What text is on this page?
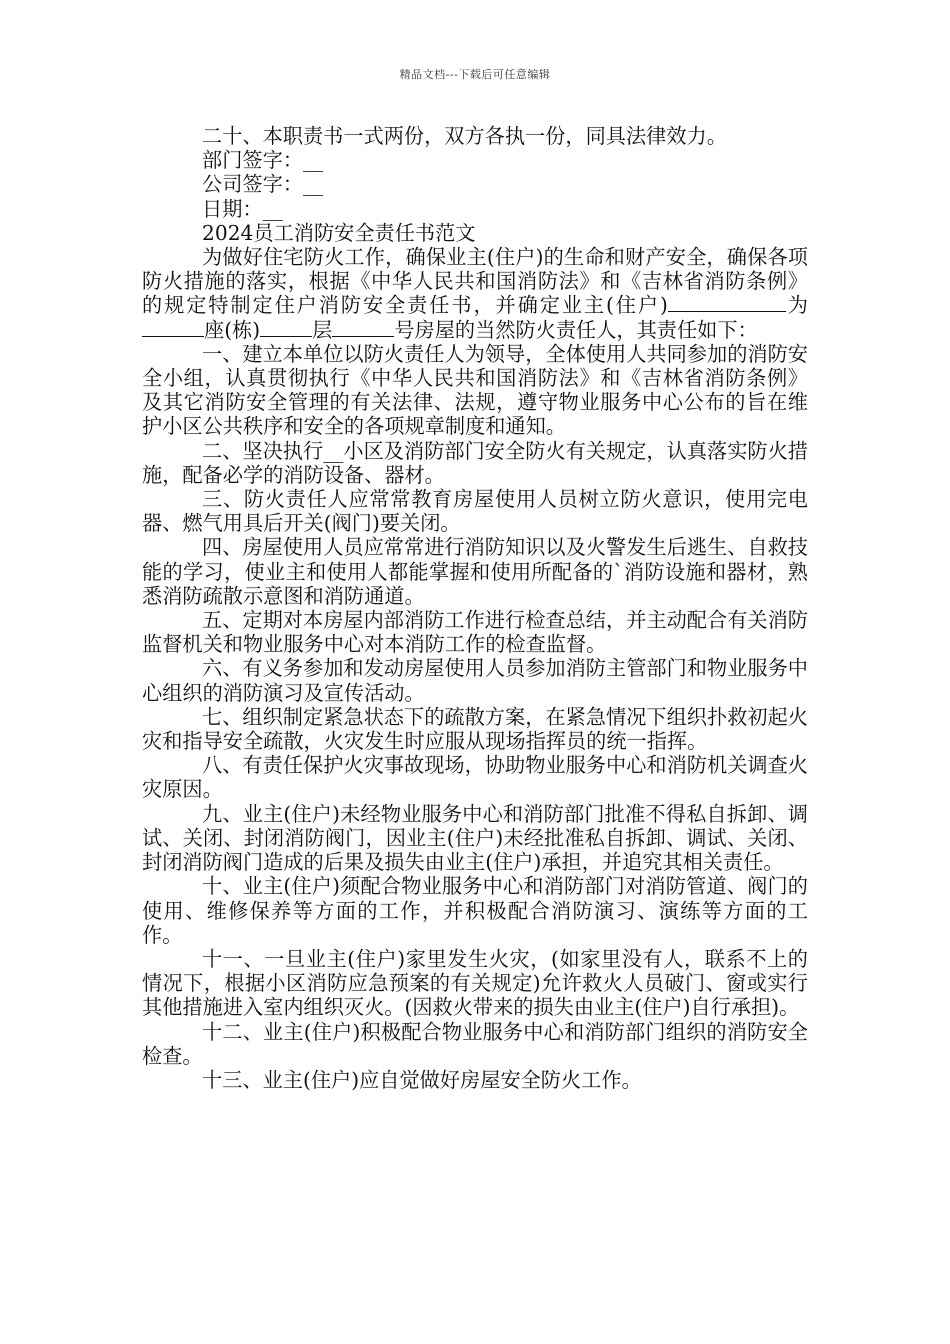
精品文档---下载后可任意编辑

二十、本职责书一式两份，双方各执一份，同具法律效力。

部门签字：__

公司签字：__

日期：__

2024员工消防安全责任书范文

为做好住宅防火工作，确保业主(住户)的生命和财产安全，确保各项防火措施的落实，根据《中华人民共和国消防法》和《吉林省消防条例》的规定特制定住户消防安全责任书，并确定业主(住户)	为座(栋)	层	号房屋的当然防火责任人，其责任如下：

一、建立本单位以防火责任人为领导，全体使用人共同参加的消防安全小组，认真贯彻执行《中华人民共和国消防法》和《吉林省消防条例》及其它消防安全管理的有关法律、法规，遵守物业服务中心公布的旨在维护小区公共秩序和安全的各项规章制度和通知。

二、坚决执行__小区及消防部门安全防火有关规定，认真落实防火措施，配备必学的消防设备、器材。

三、防火责任人应常常教育房屋使用人员树立防火意识，使用完电器、燃气用具后开关(阀门)要关闭。

四、房屋使用人员应常常进行消防知识以及火警发生后逃生、自救技能的学习，使业主和使用人都能掌握和使用所配备的`消防设施和器材，熟悉消防疏散示意图和消防通道。

五、定期对本房屋内部消防工作进行检查总结，并主动配合有关消防监督机关和物业服务中心对本消防工作的检查监督。

六、有义务参加和发动房屋使用人员参加消防主管部门和物业服务中心组织的消防演习及宣传活动。

七、组织制定紧急状态下的疏散方案，在紧急情况下组织扑救初起火灾和指导安全疏散，火灾发生时应服从现场指挥员的统一指挥。

八、有责任保护火灾事故现场，协助物业服务中心和消防机关调查火灾原因。

九、业主(住户)未经物业服务中心和消防部门批准不得私自拆卸、调试、关闭、封闭消防阀门，因业主(住户)未经批准私自拆卸、调试、关闭、封闭消防阀门造成的后果及损失由业主(住户)承担，并追究其相关责任。

十、业主(住户)须配合物业服务中心和消防部门对消防管道、阀门的使用、维修保养等方面的工作，并积极配合消防演习、演练等方面的工作。

十一、一旦业主(住户)家里发生火灾，(如家里没有人，联系不上的情况下，根据小区消防应急预案的有关规定)允许救火人员破门、窗或实行其他措施进入室内组织灭火。(因救火带来的损失由业主(住户)自行承担)。

十二、业主(住户)积极配合物业服务中心和消防部门组织的消防安全检查。

十三、业主(住户)应自觉做好房屋安全防火工作。
